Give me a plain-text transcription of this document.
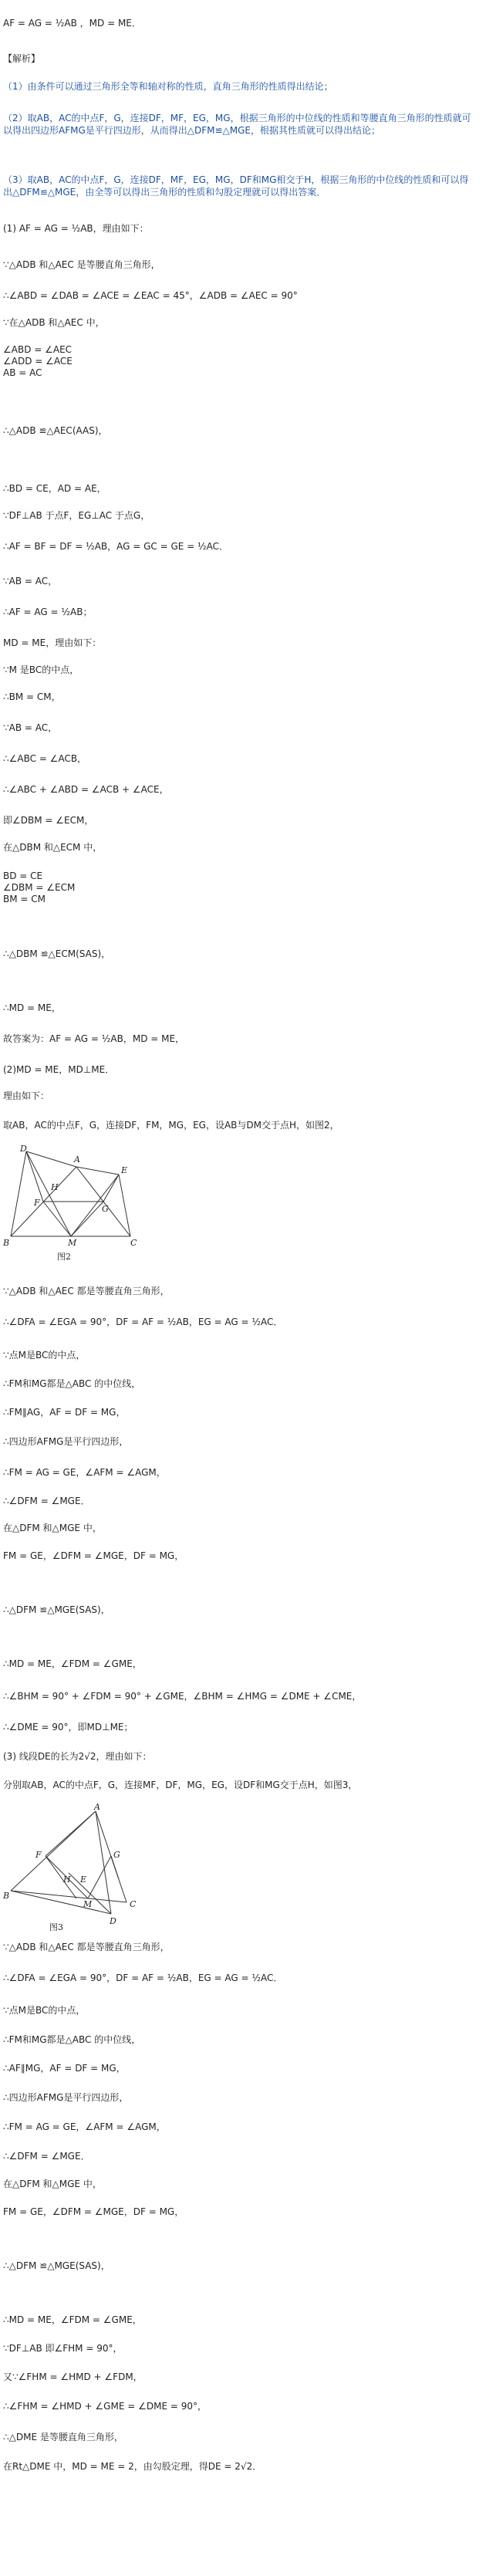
AF = AG = ½AB ，MD = ME．
【解析】
（1）由条件可以通过三角形全等和轴对称的性质，直角三角形的性质得出结论；
（2）取AB，AC的中点F，G，连接DF，MF，EG，MG，根据三角形的中位线的性质和等腰直角三角形的性质就可以得出四边形AFMG是平行四边形，从而得出△DFM≌△MGE，根据其性质就可以得出结论；
（3）取AB，AC的中点F，G，连接DF，MF，EG，MG，DF和MG相交于H，根据三角形的中位线的性质和可以得出△DFM≌△MGE，由全等可以得出三角形的性质和勾股定理就可以得出答案．
(1) AF = AG = ½AB，理由如下：
∵△ADB 和△AEC 是等腰直角三角形，
∴∠ABD = ∠DAB = ∠ACE = ∠EAC = 45°，∠ADB = ∠AEC = 90°
∵在△ADB 和△AEC 中，
∠ABD = ∠AEC
∠ADD = ∠ACE
AB = AC
∴△ADB ≌△AEC(AAS)，
∴BD = CE，AD = AE，
∵DF⊥AB 于点F，EG⊥AC 于点G，
∴AF = BF = DF = ½AB，AG = GC = GE = ½AC．
∵AB = AC，
∴AF = AG = ½AB；
MD = ME，理由如下：
∵M 是BC的中点，
∴BM = CM，
∵AB = AC，
∴∠ABC = ∠ACB，
∴∠ABC + ∠ABD = ∠ACB + ∠ACE，
即∠DBM = ∠ECM，
在△DBM 和△ECM 中，
BD = CE
∠DBM = ∠ECM
BM = CM
∴△DBM ≌△ECM(SAS)，
∴MD = ME，
故答案为：AF = AG = ½AB，MD = ME，
(2)MD = ME，MD⊥ME．
理由如下：
取AB，AC的中点F，G，连接DF，FM，MG，EG，设AB与DM交于点H，如图2，
∵△ADB 和△AEC 都是等腰直角三角形，
∴∠DFA = ∠EGA = 90°，DF = AF = ½AB，EG = AG = ½AC．
∵点M是BC的中点，
∴FM和MG都是△ABC 的中位线，
∴FM∥AG，AF = DF = MG，
∴四边形AFMG是平行四边形，
∴FM = AG = GE，∠AFM = ∠AGM，
∴∠DFM = ∠MGE．
在△DFM 和△MGE 中，
FM = GE，∠DFM = ∠MGE，DF = MG，
∴△DFM ≌△MGE(SAS)，
∴MD = ME，∠FDM = ∠GME，
∴∠BHM = 90° + ∠FDM = 90° + ∠GME，∠BHM = ∠HMG = ∠DME + ∠CME，
∴∠DME = 90°，即MD⊥ME；
(3) 线段DE的长为2√2，理由如下：
分别取AB，AC的中点F，G，连接MF，DF，MG，EG，设DF和MG交于点H，如图3，
∵△ADB 和△AEC 都是等腰直角三角形，
∴∠DFA = ∠EGA = 90°，DF = AF = ½AB，EG = AG = ½AC．
∵点M是BC的中点，
∴FM和MG都是△ABC 的中位线，
∴AF∥MG，AF = DF = MG，
∴四边形AFMG是平行四边形，
∴FM = AG = GE，∠AFM = ∠AGM，
∴∠DFM = ∠MGE．
在△DFM 和△MGE 中，
FM = GE，∠DFM = ∠MGE，DF = MG，
∴△DFM ≌△MGE(SAS)，
∴MD = ME，∠FDM = ∠GME，
∵DF⊥AB 即∠FHM = 90°，
又∵∠FHM = ∠HMD + ∠FDM，
∴∠FHM = ∠HMD + ∠GME = ∠DME = 90°，
∴△DME 是等腰直角三角形，
在Rt△DME 中，MD = ME = 2，由勾股定理，得DE = 2√2．
D
A
E
F
H
G
B	M	C
图2
A
F	G
H E
B
M	C
D
图3
